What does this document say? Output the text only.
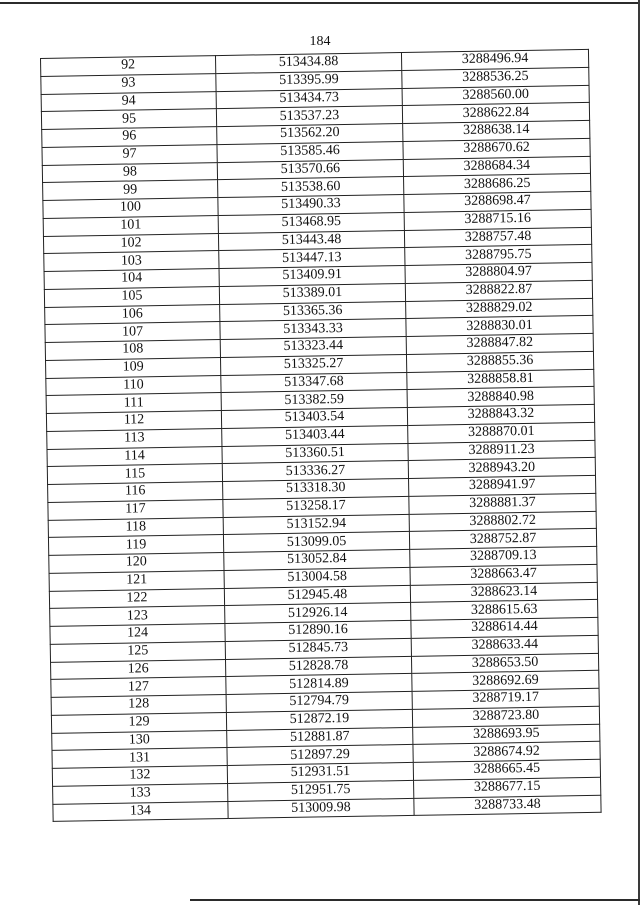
184
92	513434.88	3288496.94
93	513395.99	3288536.25
94	513434.73	3288560.00
95	513537.23	3288622.84
96	513562.20	3288638.14
97	513585.46	3288670.62
98	513570.66	3288684.34
99	513538.60	3288686.25
100	513490.33	3288698.47
101	513468.95	3288715.16
102	513443.48	3288757.48
103	513447.13	3288795.75
104	513409.91	3288804.97
105	513389.01	3288822.87
106	513365.36	3288829.02
107	513343.33	3288830.01
108	513323.44	3288847.82
109	513325.27	3288855.36
110	513347.68	3288858.81
111	513382.59	3288840.98
112	513403.54	3288843.32
113	513403.44	3288870.01
114	513360.51	3288911.23
115	513336.27	3288943.20
116	513318.30	3288941.97
117	513258.17	3288881.37
118	513152.94	3288802.72
119	513099.05	3288752.87
120	513052.84	3288709.13
121	513004.58	3288663.47
122	512945.48	3288623.14
123	512926.14	3288615.63
124	512890.16	3288614.44
125	512845.73	3288633.44
126	512828.78	3288653.50
127	512814.89	3288692.69
128	512794.79	3288719.17
129	512872.19	3288723.80
130	512881.87	3288693.95
131	512897.29	3288674.92
132	512931.51	3288665.45
133	512951.75	3288677.15
134	513009.98	3288733.48
